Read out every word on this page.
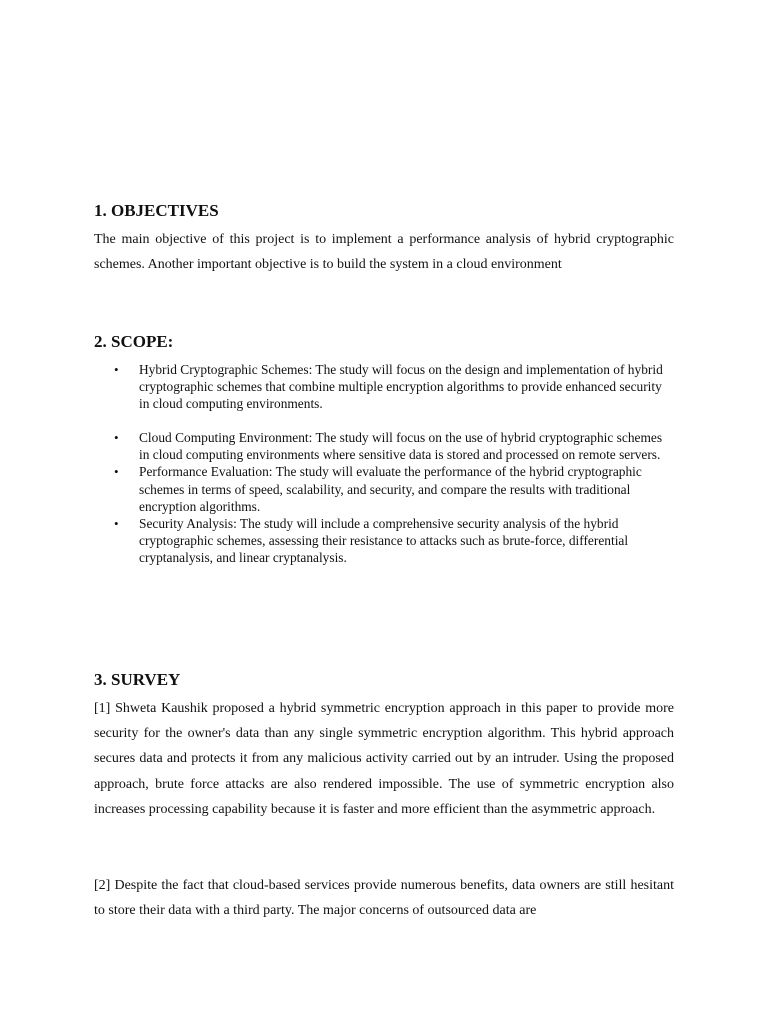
1. OBJECTIVES

The main objective of this project is to implement a performance analysis of hybrid cryptographic schemes. Another important objective is to build the system in a cloud environment

2. SCOPE:
• Hybrid Cryptographic Schemes: The study will focus on the design and implementation of hybrid cryptographic schemes that combine multiple encryption algorithms to provide enhanced security in cloud computing environments.
• Cloud Computing Environment: The study will focus on the use of hybrid cryptographic schemes in cloud computing environments where sensitive data is stored and processed on remote servers.
• Performance Evaluation: The study will evaluate the performance of the hybrid cryptographic schemes in terms of speed, scalability, and security, and compare the results with traditional encryption algorithms.
• Security Analysis: The study will include a comprehensive security analysis of the hybrid cryptographic schemes, assessing their resistance to attacks such as brute-force, differential cryptanalysis, and linear cryptanalysis.
3. SURVEY

[1] Shweta Kaushik proposed a hybrid symmetric encryption approach in this paper to provide more security for the owner's data than any single symmetric encryption algorithm. This hybrid approach secures data and protects it from any malicious activity carried out by an intruder. Using the proposed approach, brute force attacks are also rendered impossible. The use of symmetric encryption also increases processing capability because it is faster and more efficient than the asymmetric approach.

[2] Despite the fact that cloud-based services provide numerous benefits, data owners are still hesitant to store their data with a third party. The major concerns of outsourced data are
